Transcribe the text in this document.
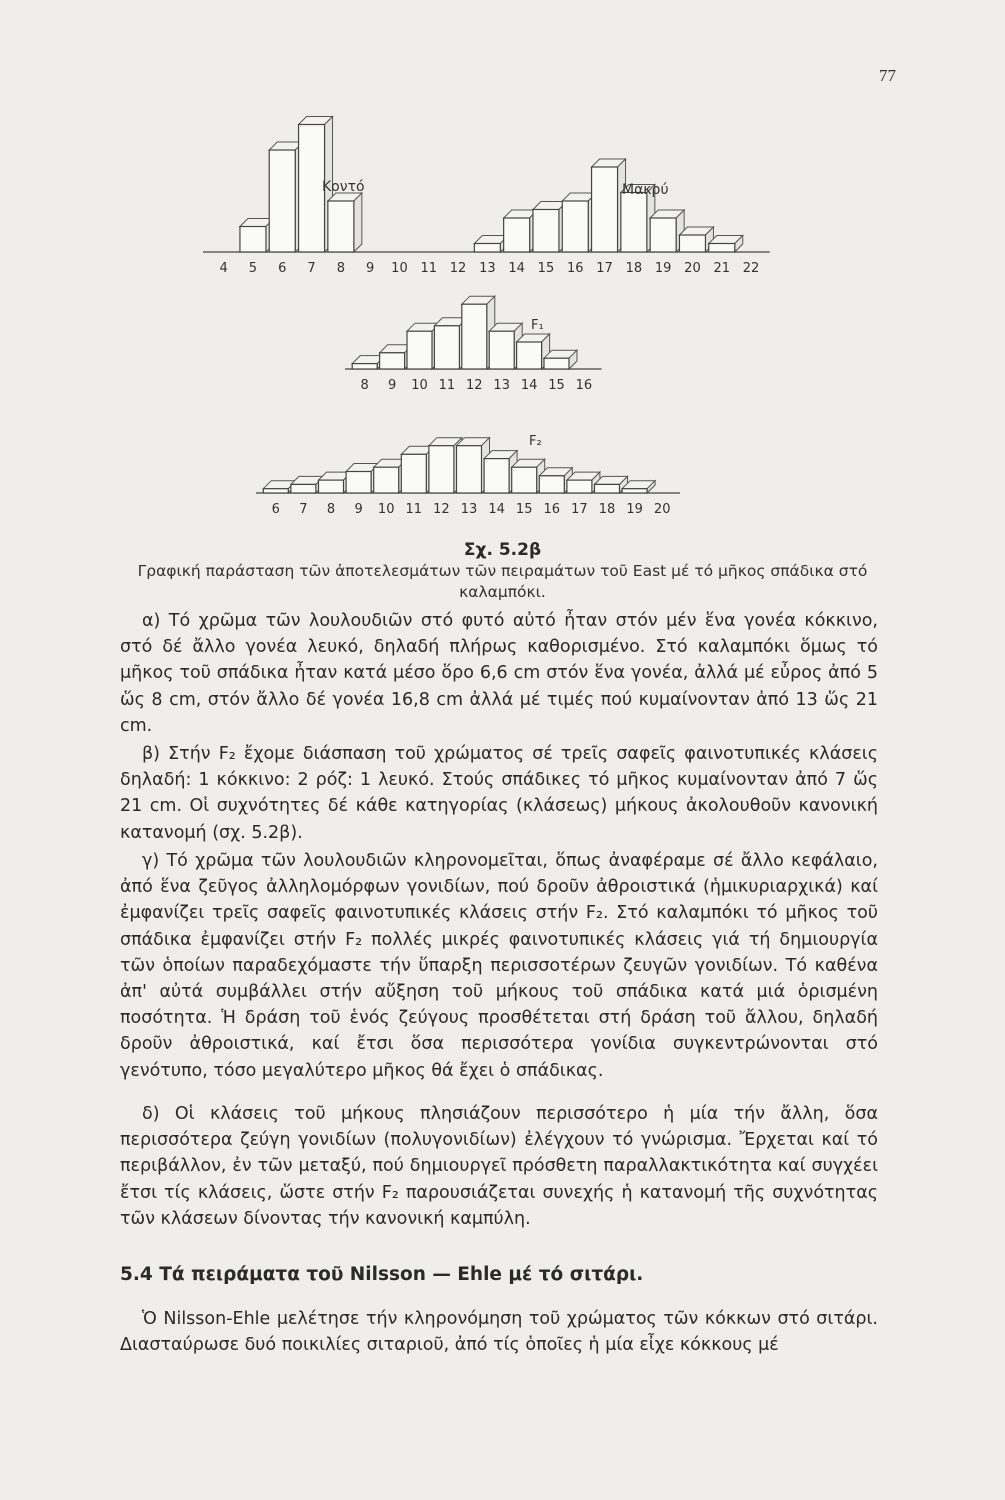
77
4 5 6 7 8 9 10 11 12 13 14 15 16 17 18 19 20 21 22
Κοντό	Μακρύ
8 9 10 11 12 13 14 15 16
F₁
6 7 8 9 10 11 12 13 14 15 16 17 18 19 20
F₂
Σχ. 5.2β
Γραφική παράσταση τῶν ἀποτελεσμάτων τῶν πειραμάτων τοῦ East μέ τό μῆκος σπάδικα στό καλαμπόκι.

α) Τό χρῶμα τῶν λουλουδιῶν στό φυτό αὐτό ἦταν στόν μέν ἕνα γονέα κόκκινο, στό δέ ἄλλο γονέα λευκό, δηλαδή πλήρως καθορισμένο. Στό καλαμπόκι ὅμως τό μῆκος τοῦ σπάδικα ἦταν κατά μέσο ὅρο 6,6 cm στόν ἕνα γονέα, ἀλλά μέ εὖρος ἀπό 5 ὥς 8 cm, στόν ἄλλο δέ γονέα 16,8 cm ἀλλά μέ τιμές πού κυμαίνονταν ἀπό 13 ὥς 21 cm.

β) Στήν F₂ ἔχομε διάσπαση τοῦ χρώματος σέ τρεῖς σαφεῖς φαινοτυπικές κλάσεις δηλαδή: 1 κόκκινο: 2 ρόζ: 1 λευκό. Στούς σπάδικες τό μῆκος κυμαίνονταν ἀπό 7 ὥς 21 cm. Οἱ συχνότητες δέ κάθε κατηγορίας (κλάσεως) μήκους ἀκολουθοῦν κανονική κατανομή (σχ. 5.2β).

γ) Τό χρῶμα τῶν λουλουδιῶν κληρονομεῖται, ὅπως ἀναφέραμε σέ ἄλλο κεφάλαιο, ἀπό ἕνα ζεῦγος ἀλληλομόρφων γονιδίων, πού δροῦν ἀθροιστικά (ἡμικυριαρχικά) καί ἐμφανίζει τρεῖς σαφεῖς φαινοτυπικές κλάσεις στήν F₂. Στό καλαμπόκι τό μῆκος τοῦ σπάδικα ἐμφανίζει στήν F₂ πολλές μικρές φαινοτυπικές κλάσεις γιά τή δημιουργία τῶν ὁποίων παραδεχόμαστε τήν ὕπαρξη περισσοτέρων ζευγῶν γονιδίων. Τό καθένα ἀπ' αὐτά συμβάλλει στήν αὔξηση τοῦ μήκους τοῦ σπάδικα κατά μιά ὁρισμένη ποσότητα. Ἡ δράση τοῦ ἑνός ζεύγους προσθέτεται στή δράση τοῦ ἄλλου, δηλαδή δροῦν ἀθροιστικά, καί ἔτσι ὅσα περισσότερα γονίδια συγκεντρώνονται στό γενότυπο, τόσο μεγαλύτερο μῆκος θά ἔχει ὁ σπάδικας.

δ) Οἱ κλάσεις τοῦ μήκους πλησιάζουν περισσότερο ἡ μία τήν ἄλλη, ὅσα περισσότερα ζεύγη γονιδίων (πολυγονιδίων) ἐλέγχουν τό γνώρισμα. Ἔρχεται καί τό περιβάλλον, ἐν τῶν μεταξύ, πού δημιουργεῖ πρόσθετη παραλλακτικότητα καί συγχέει ἔτσι τίς κλάσεις, ὥστε στήν F₂ παρουσιάζεται συνεχής ἡ κατανομή τῆς συχνότητας τῶν κλάσεων δίνοντας τήν κανονική καμπύλη.

5.4 Τά πειράματα τοῦ Nilsson — Ehle μέ τό σιτάρι.

Ὁ Nilsson-Ehle μελέτησε τήν κληρονόμηση τοῦ χρώματος τῶν κόκκων στό σιτάρι. Διασταύρωσε δυό ποικιλίες σιταριοῦ, ἀπό τίς ὁποῖες ἡ μία εἶχε κόκκους μέ
